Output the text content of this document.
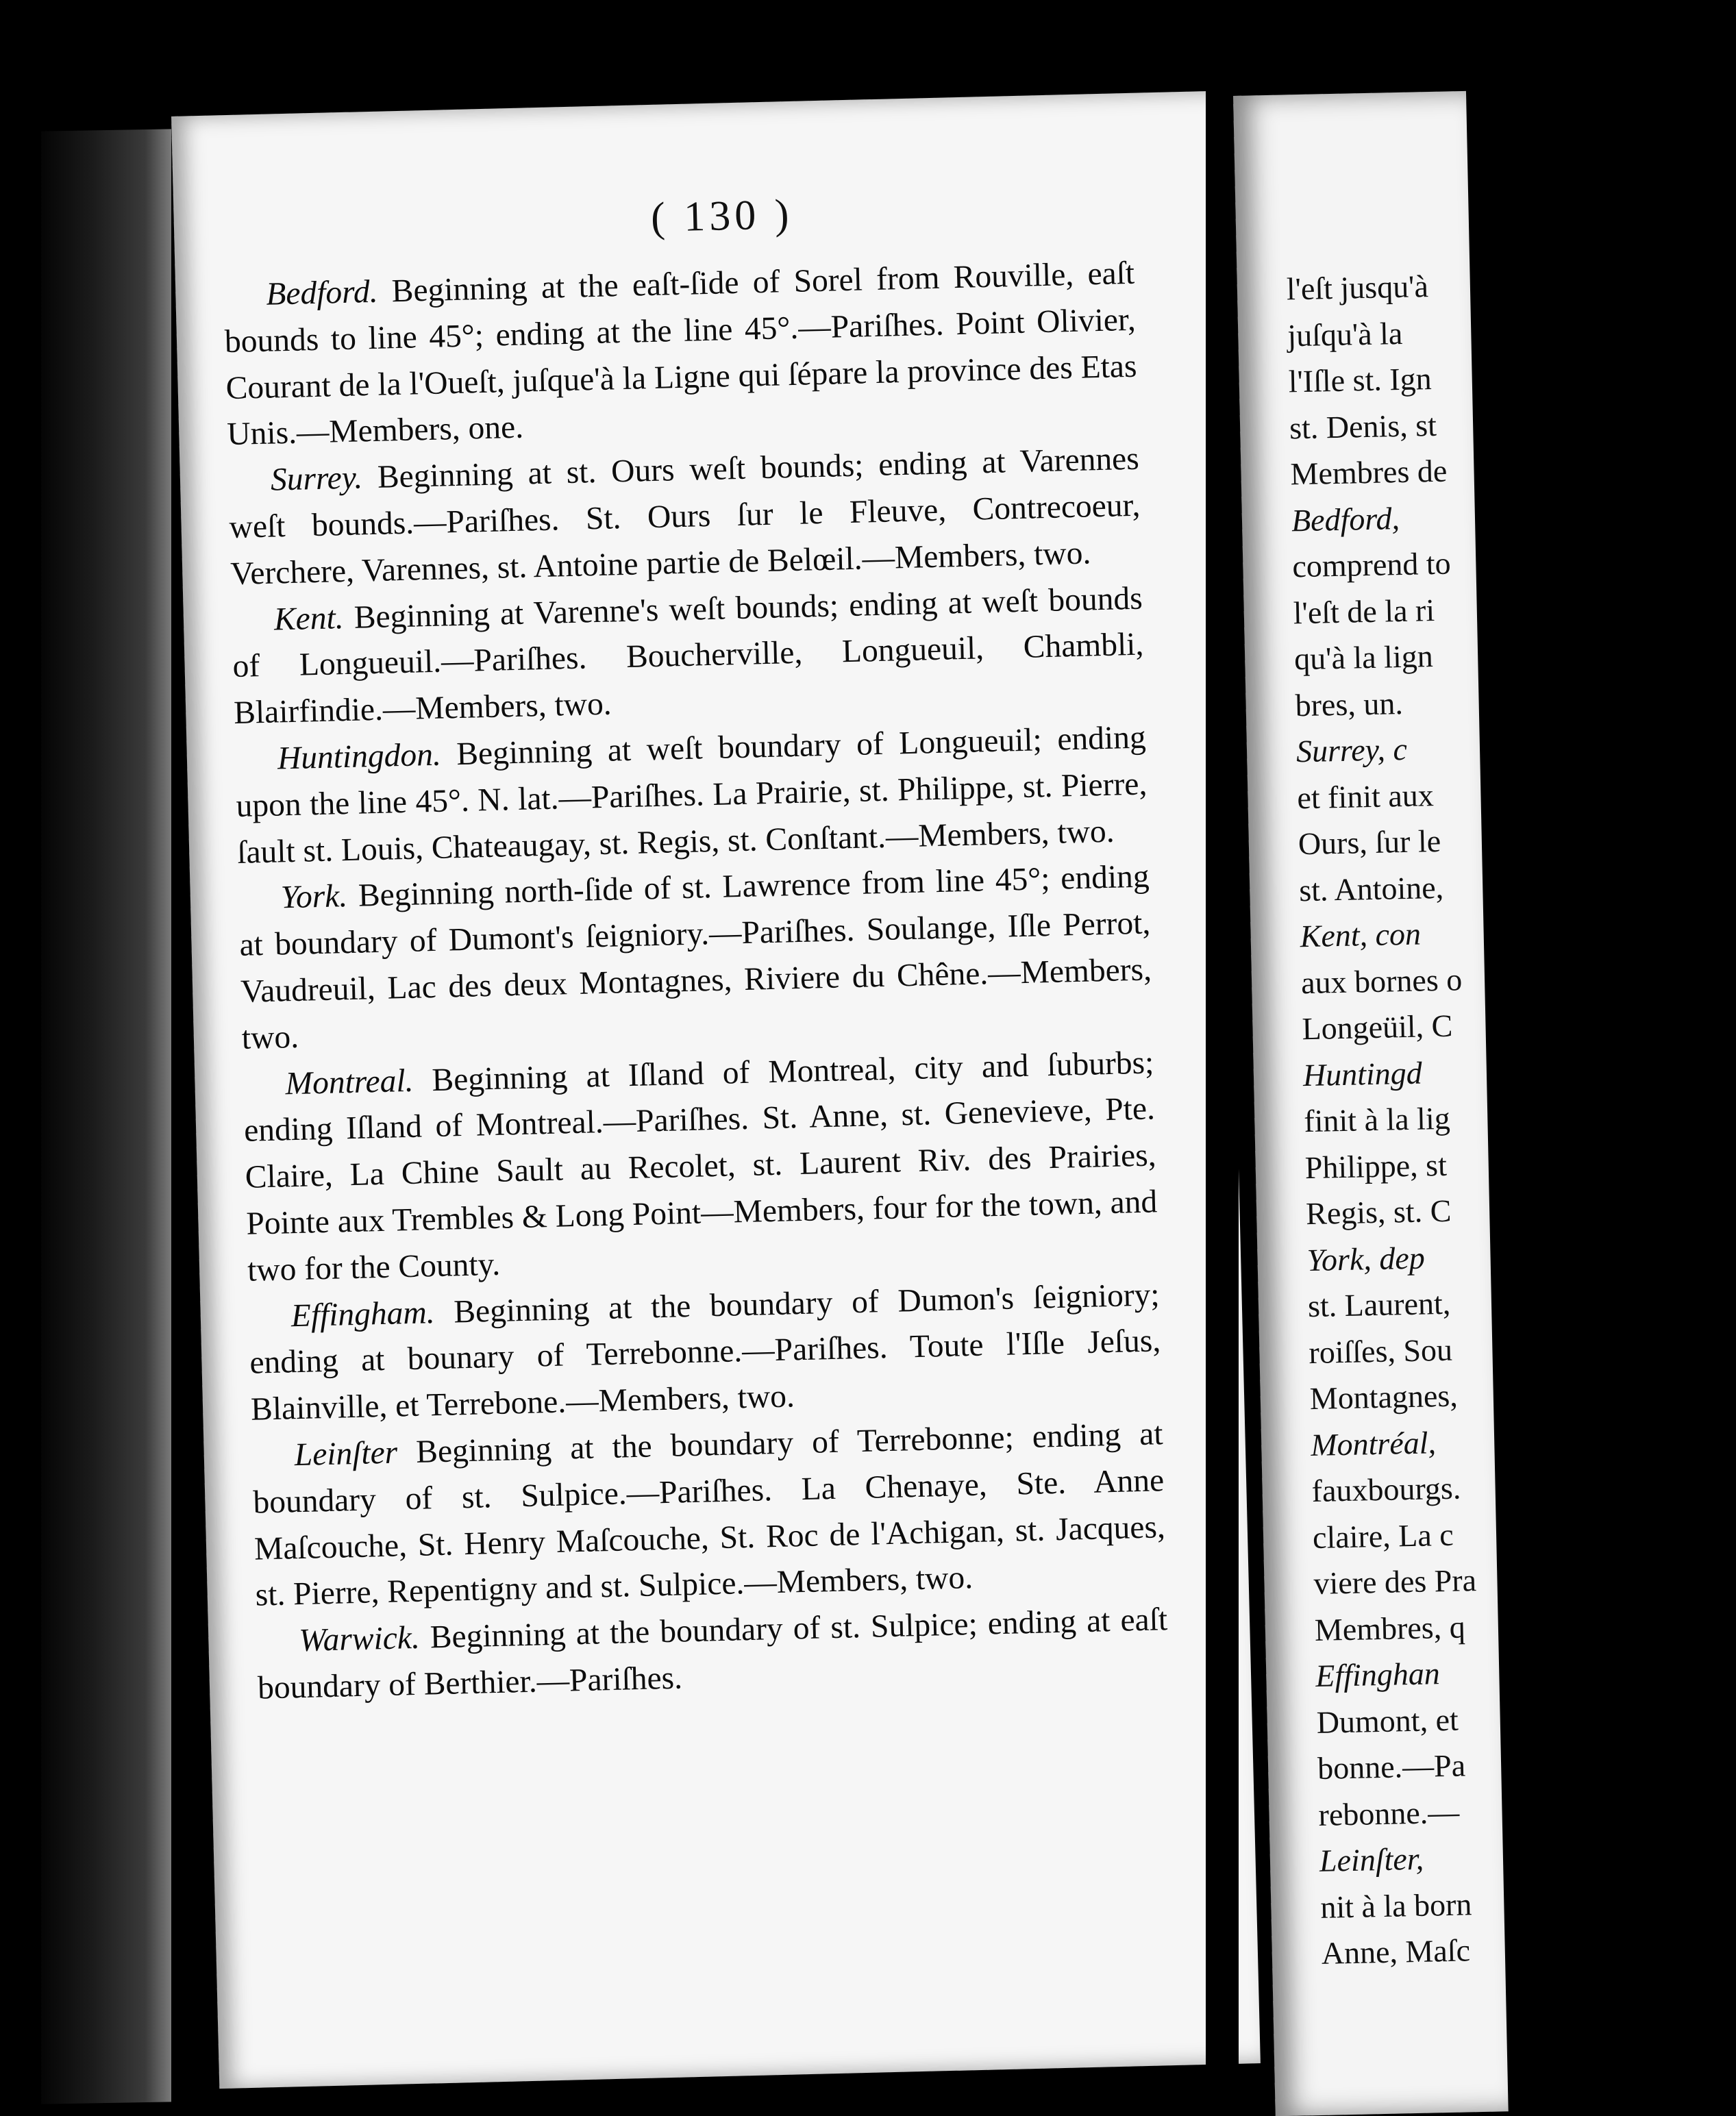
( 130 )

Bedford. Beginning at the eaſt-ſide of Sorel from Rouville, eaſt bounds to line 45°; ending at the line 45°.—Pariſhes. Point Olivier, Courant de la l'Oueſt, juſque'à la Ligne qui ſépare la province des Etas Unis.—Members, one.

Surrey. Beginning at st. Ours weſt bounds; ending at Varennes weſt bounds.—Pariſhes. St. Ours ſur le Fleuve, Contrecoeur, Verchere, Varennes, st. Antoine partie de Belœil.—Members, two.

Kent. Beginning at Varenne's weſt bounds; ending at weſt bounds of Longueuil.—Pariſhes. Boucherville, Longueuil, Chambli, Blairfindie.—Members, two.

Huntingdon. Beginning at weſt boundary of Longueuil; ending upon the line 45°. N. lat.—Pariſhes. La Prairie, st. Philippe, st. Pierre, ſault st. Louis, Chateaugay, st. Regis, st. Conſtant.—Members, two.

York. Beginning north-ſide of st. Lawrence from line 45°; ending at boundary of Dumont's ſeigniory.—Pariſhes. Soulange, Iſle Perrot, Vaudreuil, Lac des deux Montagnes, Riviere du Chêne.—Members, two.

Montreal. Beginning at Iſland of Montreal, city and ſuburbs; ending Iſland of Montreal.—Pariſhes. St. Anne, st. Genevieve, Pte. Claire, La Chine Sault au Recolet, st. Laurent Riv. des Prairies, Pointe aux Trembles & Long Point—Members, four for the town, and two for the County.

Effingham. Beginning at the boundary of Dumon's ſeigniory; ending at bounary of Terrebonne.—Pariſhes. Toute l'Iſle Jeſus, Blainville, et Terrebone.—Members, two.

Leinſter Beginning at the boundary of Terrebonne; ending at boundary of st. Sulpice.—Pariſhes. La Chenaye, Ste. Anne Maſcouche, St. Henry Maſcouche, St. Roc de l'Achigan, st. Jacques, st. Pierre, Repentigny and st. Sulpice.—Members, two.

Warwick. Beginning at the boundary of st. Sulpice; ending at eaſt boundary of Berthier.—Pariſhes.

l'eſt jusqu'à
juſqu'à la
l'Iſle st. Ign
st. Denis, st
Membres de
Bedford,
comprend to
l'eſt de la ri
qu'à la lign
bres, un.
Surrey, c
et finit aux
Ours, ſur le
st. Antoine,
Kent, con
aux bornes o
Longeüil, C
Huntingd
finit à la lig
Philippe, st
Regis, st. C
York, dep
st. Laurent,
roiſſes, Sou
Montagnes,
Montréal,
fauxbourgs.
claire, La c
viere des Pra
Membres, q
Effinghan
Dumont, et
bonne.—Pa
rebonne.—
Leinſter,
nit à la born
Anne, Maſc
